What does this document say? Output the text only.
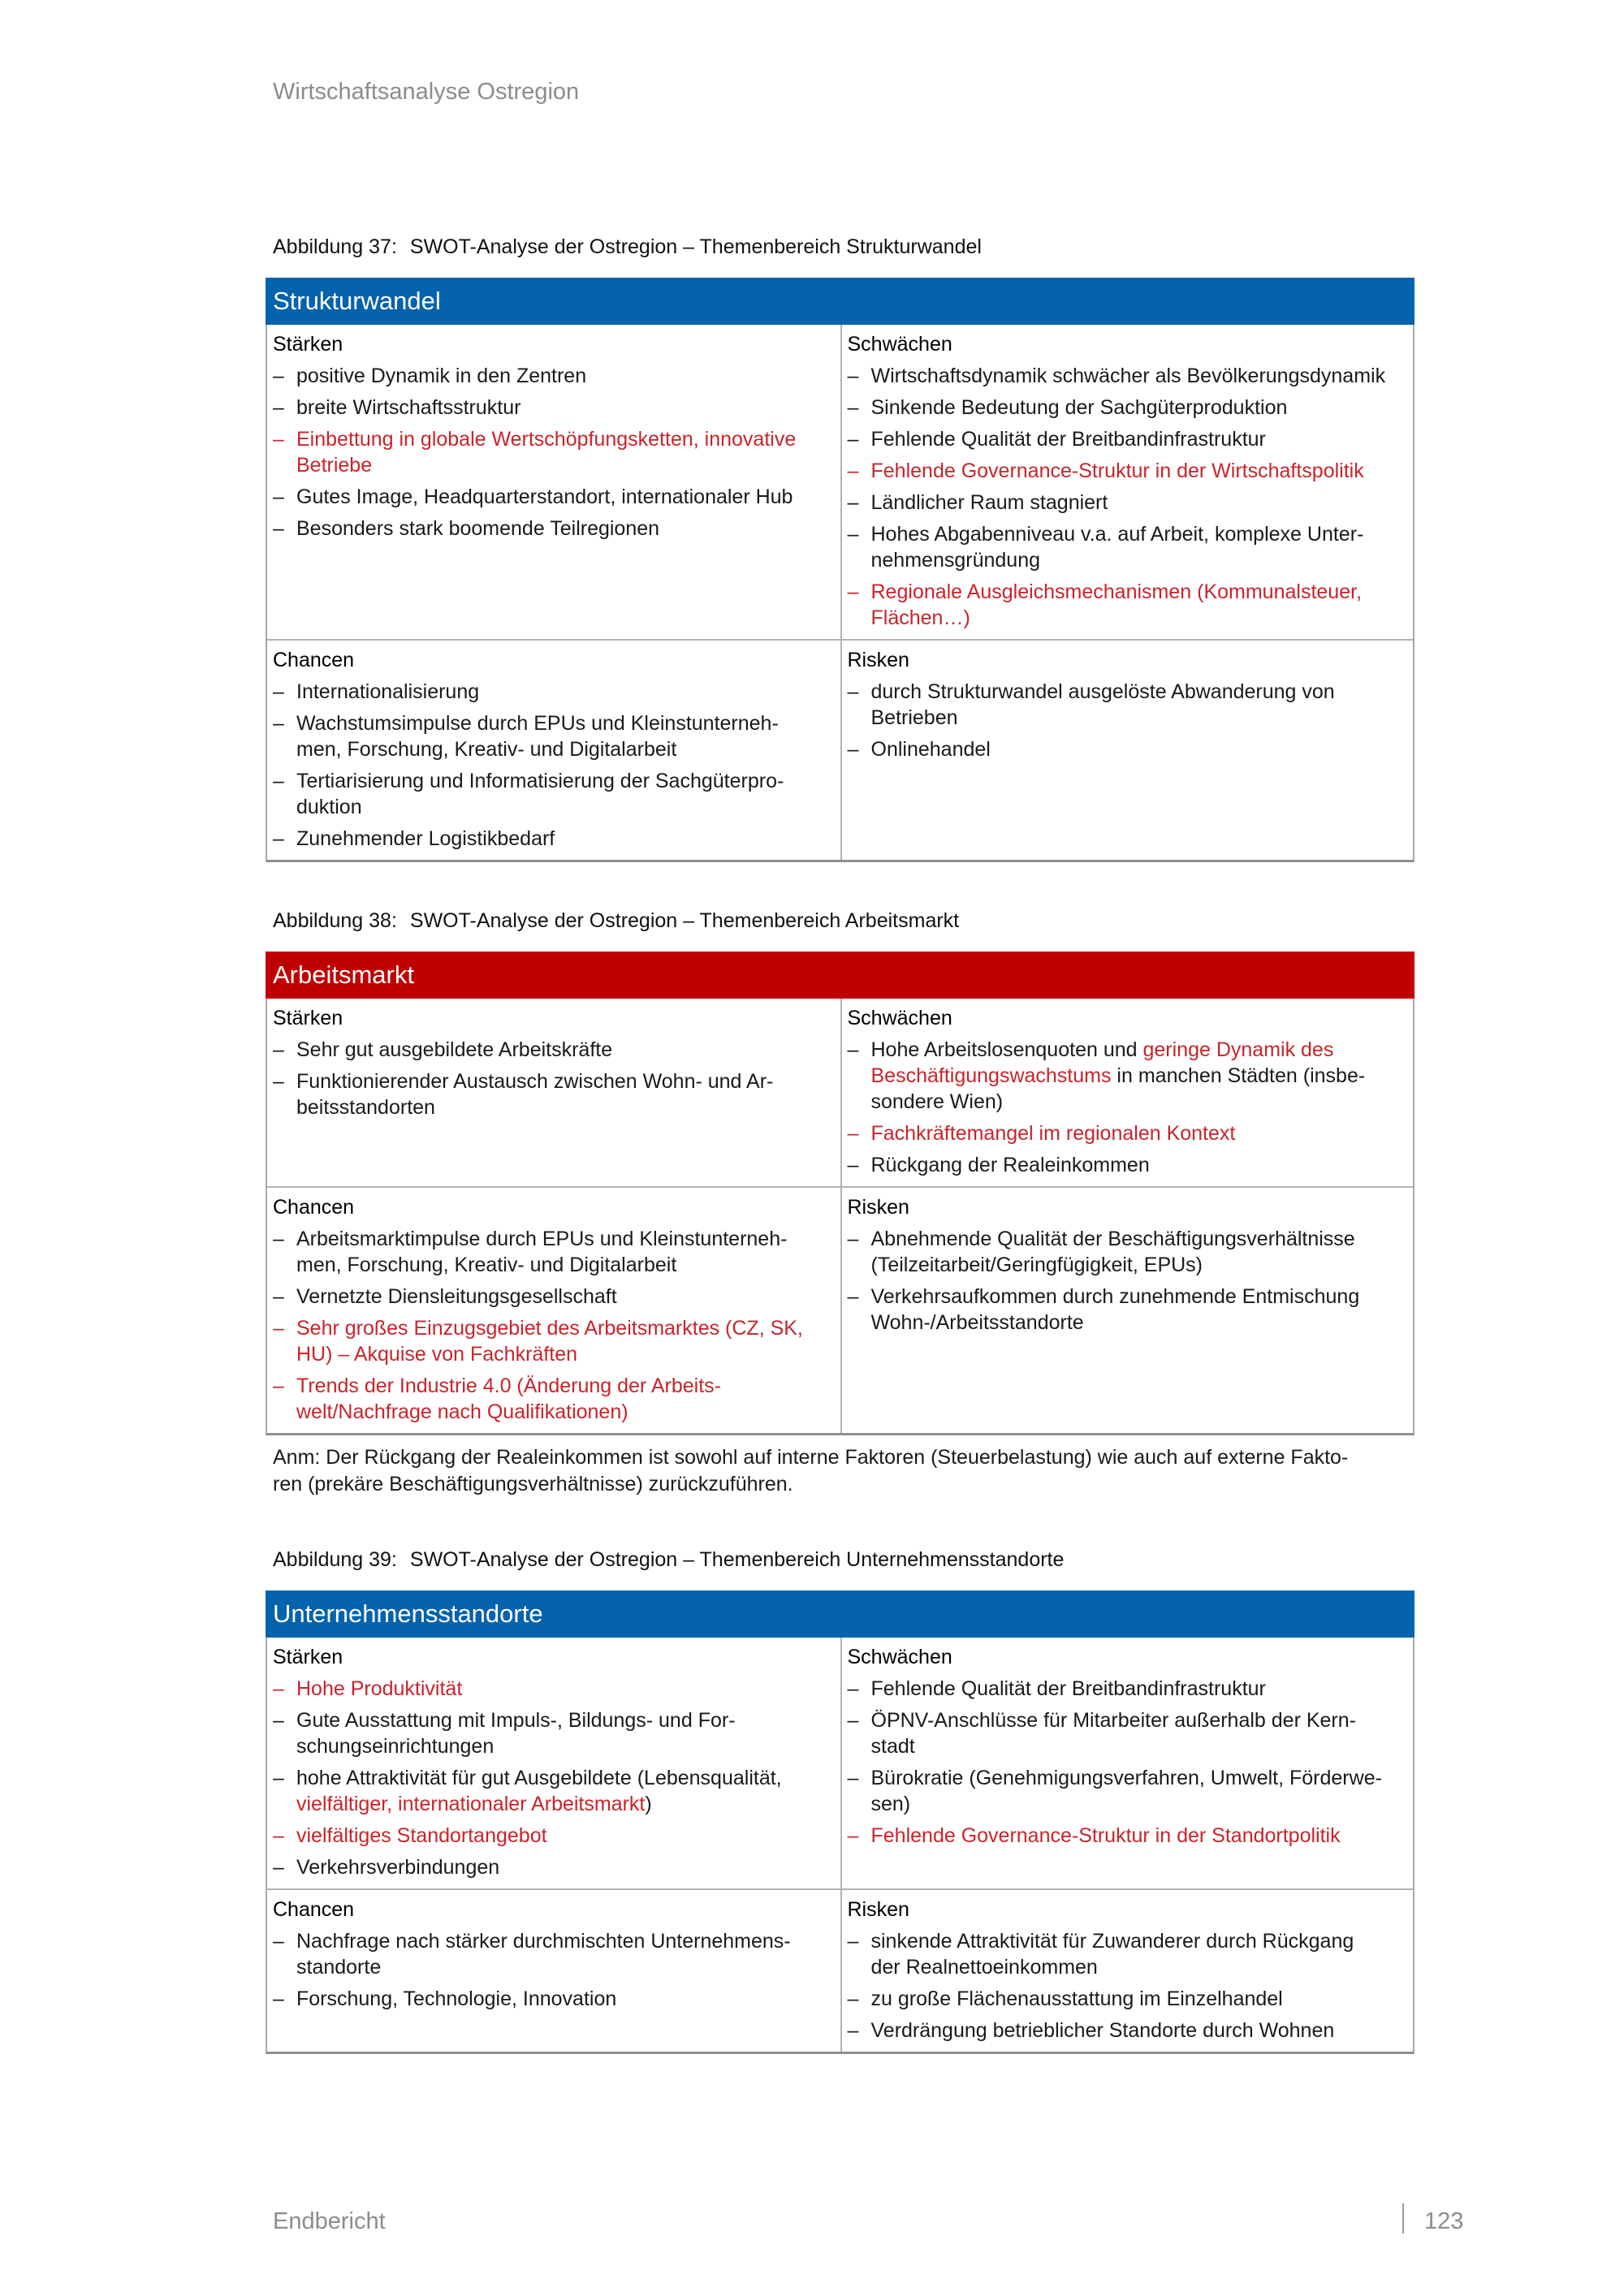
Wirtschaftsanalyse Ostregion
Abbildung 37: SWOT-Analyse der Ostregion – Themenbereich Strukturwandel
Strukturwandel
Stärken
– positive Dynamik in den Zentren
– breite Wirtschaftsstruktur
– Einbettung in globale Wertschöpfungsketten, innovative
Betriebe
– Gutes Image, Headquarterstandort, internationaler Hub
– Besonders stark boomende Teilregionen
Schwächen
– Wirtschaftsdynamik schwächer als Bevölkerungsdynamik
– Sinkende Bedeutung der Sachgüterproduktion
– Fehlende Qualität der Breitbandinfrastruktur
– Fehlende Governance-Struktur in der Wirtschaftspolitik
– Ländlicher Raum stagniert
– Hohes Abgabenniveau v.a. auf Arbeit, komplexe Unter-
nehmensgründung
– Regionale Ausgleichsmechanismen (Kommunalsteuer,
Flächen…)
Chancen
– Internationalisierung
– Wachstumsimpulse durch EPUs und Kleinstunterneh-
men, Forschung, Kreativ- und Digitalarbeit
– Tertiarisierung und Informatisierung der Sachgüterpro-
duktion
– Zunehmender Logistikbedarf
Risken
– durch Strukturwandel ausgelöste Abwanderung von
Betrieben
– Onlinehandel
Abbildung 38: SWOT-Analyse der Ostregion – Themenbereich Arbeitsmarkt
Arbeitsmarkt
Stärken
– Sehr gut ausgebildete Arbeitskräfte
– Funktionierender Austausch zwischen Wohn- und Ar-
beitsstandorten
Schwächen
– Hohe Arbeitslosenquoten und geringe Dynamik des
Beschäftigungswachstums in manchen Städten (insbe-
sondere Wien)
– Fachkräftemangel im regionalen Kontext
– Rückgang der Realeinkommen
Chancen
– Arbeitsmarktimpulse durch EPUs und Kleinstunterneh-
men, Forschung, Kreativ- und Digitalarbeit
– Vernetzte Diensleitungsgesellschaft
– Sehr großes Einzugsgebiet des Arbeitsmarktes (CZ, SK,
HU) – Akquise von Fachkräften
– Trends der Industrie 4.0 (Änderung der Arbeits-
welt/Nachfrage nach Qualifikationen)
Risken
– Abnehmende Qualität der Beschäftigungsverhältnisse
(Teilzeitarbeit/Geringfügigkeit, EPUs)
– Verkehrsaufkommen durch zunehmende Entmischung
Wohn-/Arbeitsstandorte
Anm: Der Rückgang der Realeinkommen ist sowohl auf interne Faktoren (Steuerbelastung) wie auch auf externe Fakto-
ren (prekäre Beschäftigungsverhältnisse) zurückzuführen.
Abbildung 39: SWOT-Analyse der Ostregion – Themenbereich Unternehmensstandorte
Unternehmensstandorte
Stärken
– Hohe Produktivität
– Gute Ausstattung mit Impuls-, Bildungs- und For-
schungseinrichtungen
– hohe Attraktivität für gut Ausgebildete (Lebensqualität,
vielfältiger, internationaler Arbeitsmarkt)
– vielfältiges Standortangebot
– Verkehrsverbindungen
Schwächen
– Fehlende Qualität der Breitbandinfrastruktur
– ÖPNV-Anschlüsse für Mitarbeiter außerhalb der Kern-
stadt
– Bürokratie (Genehmigungsverfahren, Umwelt, Förderwe-
sen)
– Fehlende Governance-Struktur in der Standortpolitik
Chancen
– Nachfrage nach stärker durchmischten Unternehmens-
standorte
– Forschung, Technologie, Innovation
Risken
– sinkende Attraktivität für Zuwanderer durch Rückgang
der Realnettoeinkommen
– zu große Flächenausstattung im Einzelhandel
– Verdrängung betrieblicher Standorte durch Wohnen
Endbericht	123
